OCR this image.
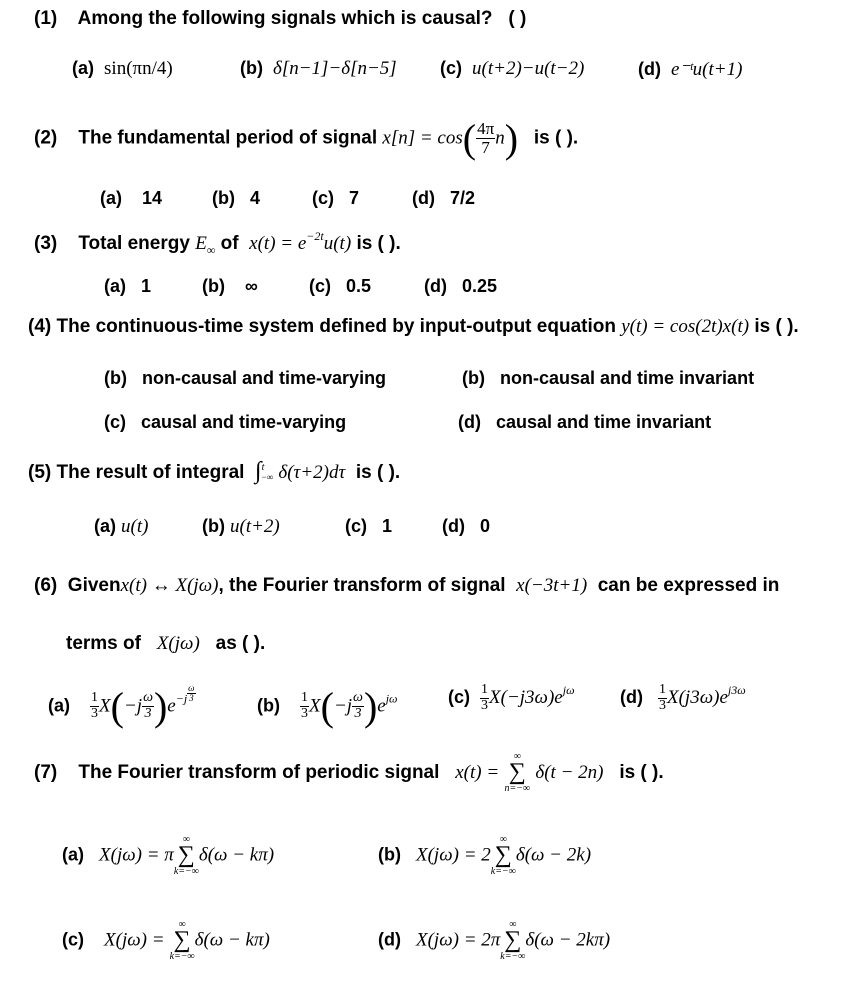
(1) Among the following signals which is causal? ( )
(a) sin(πn/4)	(b) δ[n−1]−δ[n−5] (c) u(t+2)−u(t−2)	(d) e⁻ᵗu(t+1)
(2) The fundamental period of signal $x[n] = \cos( \frac{4\pi}{7} n)$ is ( ).
(a) 14	(b) 4	(c) 7	(d) 7/2
(3) Total energy $E_\infty$ of $x(t) = e^{-2t}u(t)$ is ( ).
(a) 1	(b) ∞	(c) 0.5	(d) 0.25
(4) The continuous-time system defined by input-output equation y(t) = cos(2t)x(t) is ( ).
(b) non-causal and time-varying	(b) non-causal and time invariant
(c) causal and time-varying	(d) causal and time invariant
(5) The result of integral ∫ t
−∞ δ(τ+2)dτ is ( ).
(a) u(t)	(b) u(t+2)	(c) 1	(d) 0
(6) Givenx(t) ↔ X(jω), the Fourier transform of signal x(−3t+1) can be expressed in
terms of X(jω) as ( ).
$(a) \frac{1}{3} X(-j \frac{\omega}{3} )e^{-j} \frac{\omega}{3}$
$(b) \frac{1}{3} X(-j \frac{\omega}{3} )e^{j\omega}$	$(c) \frac{1}{3} X(-j3\omega)e^{j\omega}$	$(d) \frac{1}{3} X(j3\omega)e^{j3\omega}$
(7) The Fourier transform of periodic signal x(t) =
∞
∑
n=−∞
δ(t − 2n) is ( ).
(a) X(jω) = π
∞
∑
k=−∞
δ(ω − kπ)	(b) X(jω) = 2
∞
∑
k=−∞
δ(ω − 2k)
(c) X(jω) =
∞
∑
k=−∞
δ(ω − kπ)	(d) X(jω) = 2π
∞
∑
k=−∞
δ(ω − 2kπ)
